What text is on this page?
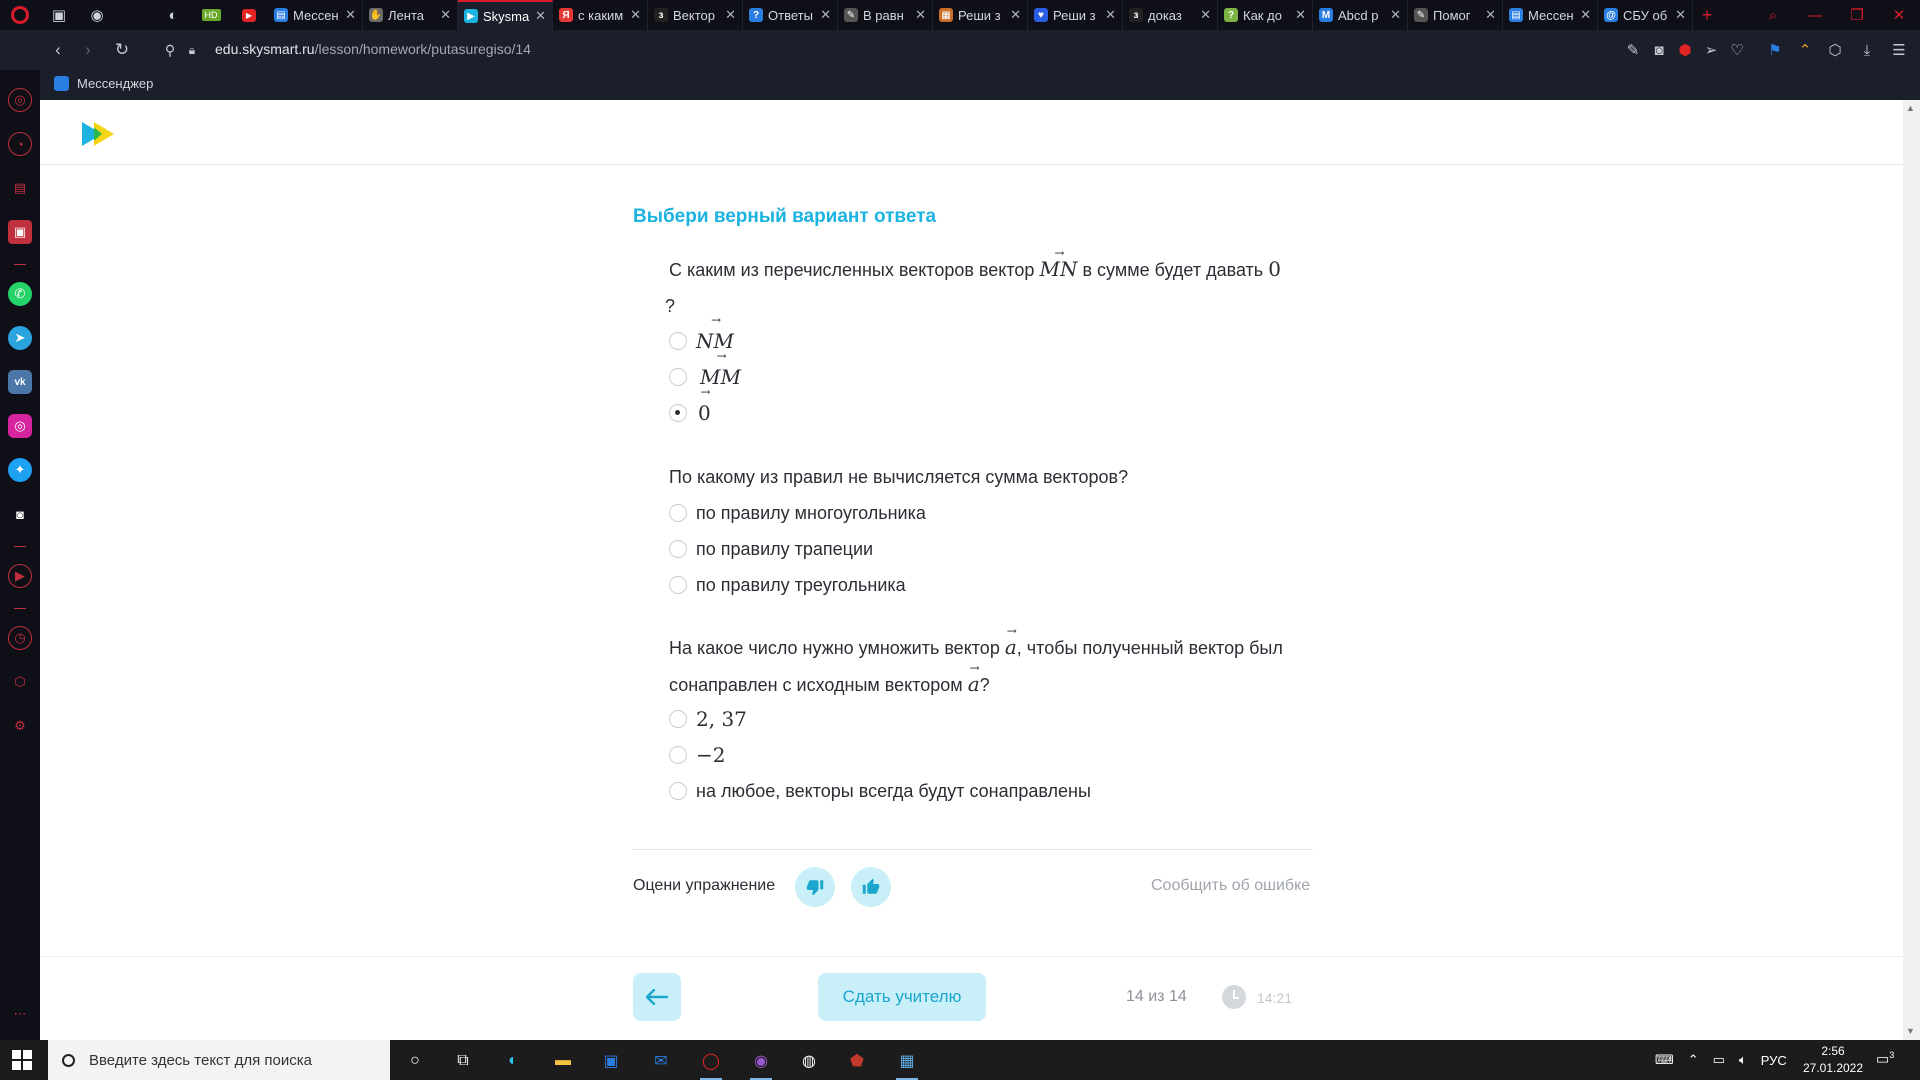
▣ ◉	◐	HD	▶	▤ Мессен ✕ ✋ Лента	✕	▶ Skysma ✕	Я с каким ✕	з Вектор ✕	? Ответы ✕ ✎ В равн ✕ ▦ Реши з ✕	♥ Реши з ✕	з доказ	✕	? Как до	✕ M Abcd р ✕ ✎ Помог	✕ ▤ Мессен ✕ @ СБУ об ✕ +	⌕	—	❐	✕
‹	›	↻	⚲	🔒︎	edu.skysmart.ru/lesson/homework/putasuregiso/14	✎	◙ ⬢ ➢ ♡ ⚑	⌃	⬡	⤓	☰
Мессенджер
◎
◔
▤
▣
✆
➤
vk
◎
✦
◙
▶
◷
⬡
⚙
⋯
▲
▼
Выбери верный вариант ответа
С каким из перечисленных векторов вектор → MN в сумме будет давать 0
?
→ NM
→ MM
→ 0
По какому из правил не вычисляется сумма векторов?
по правилу многоугольника
по правилу трапеции
по правилу треугольника
На какое число нужно умножить вектор → a, чтобы полученный вектор был сонаправлен с исходным вектором → a?
2, 37
−2
на любое, векторы всегда будут сонаправлены
Оцени упражнение	Сообщить об ошибке
Сдать учителю	14 из 14	14:21
Введите здесь текст для поиска	○	⧉	◐	▬	▣	✉	◯	◉	◍	⬟	▦	⌨ ⌃ ▭ 🔈︎ РУС
2:56
27.01.2022
▭$^3$
